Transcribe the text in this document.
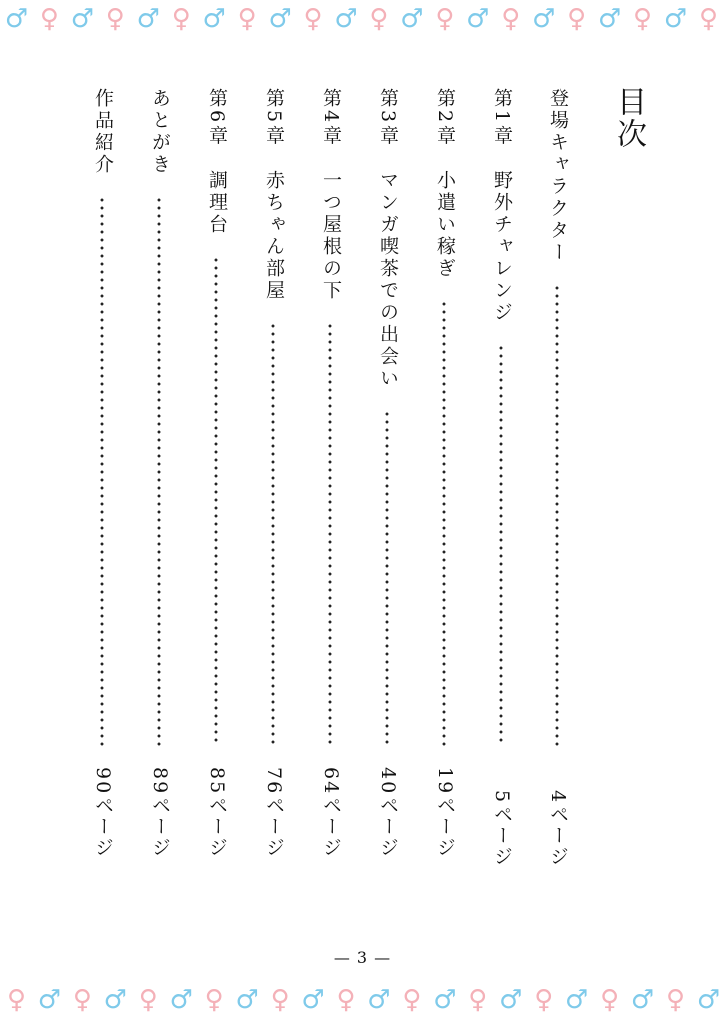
♂ ♀ ♂ ♀ ♂ ♀ ♂ ♀ ♂ ♀ ♂ ♀ ♂ ♀ ♂ ♀ ♂ ♀ ♂ ♀ ♂ ♀
目次
登場キャラクター
4ページ
第1章
野外チャレンジ
5ページ
第2章
小遣い稼ぎ
19ページ
第3章
マンガ喫茶での出会い
40ページ
第4章
一つ屋根の下
64ページ
第5章
赤ちゃん部屋
76ページ
第6章
調理台
85ページ
あとがき
89ページ
作品紹介
90ページ
— 3 —
♀ ♂ ♀ ♂ ♀ ♂ ♀ ♂ ♀ ♂ ♀ ♂ ♀ ♂ ♀ ♂ ♀ ♂ ♀ ♂ ♀ ♂
